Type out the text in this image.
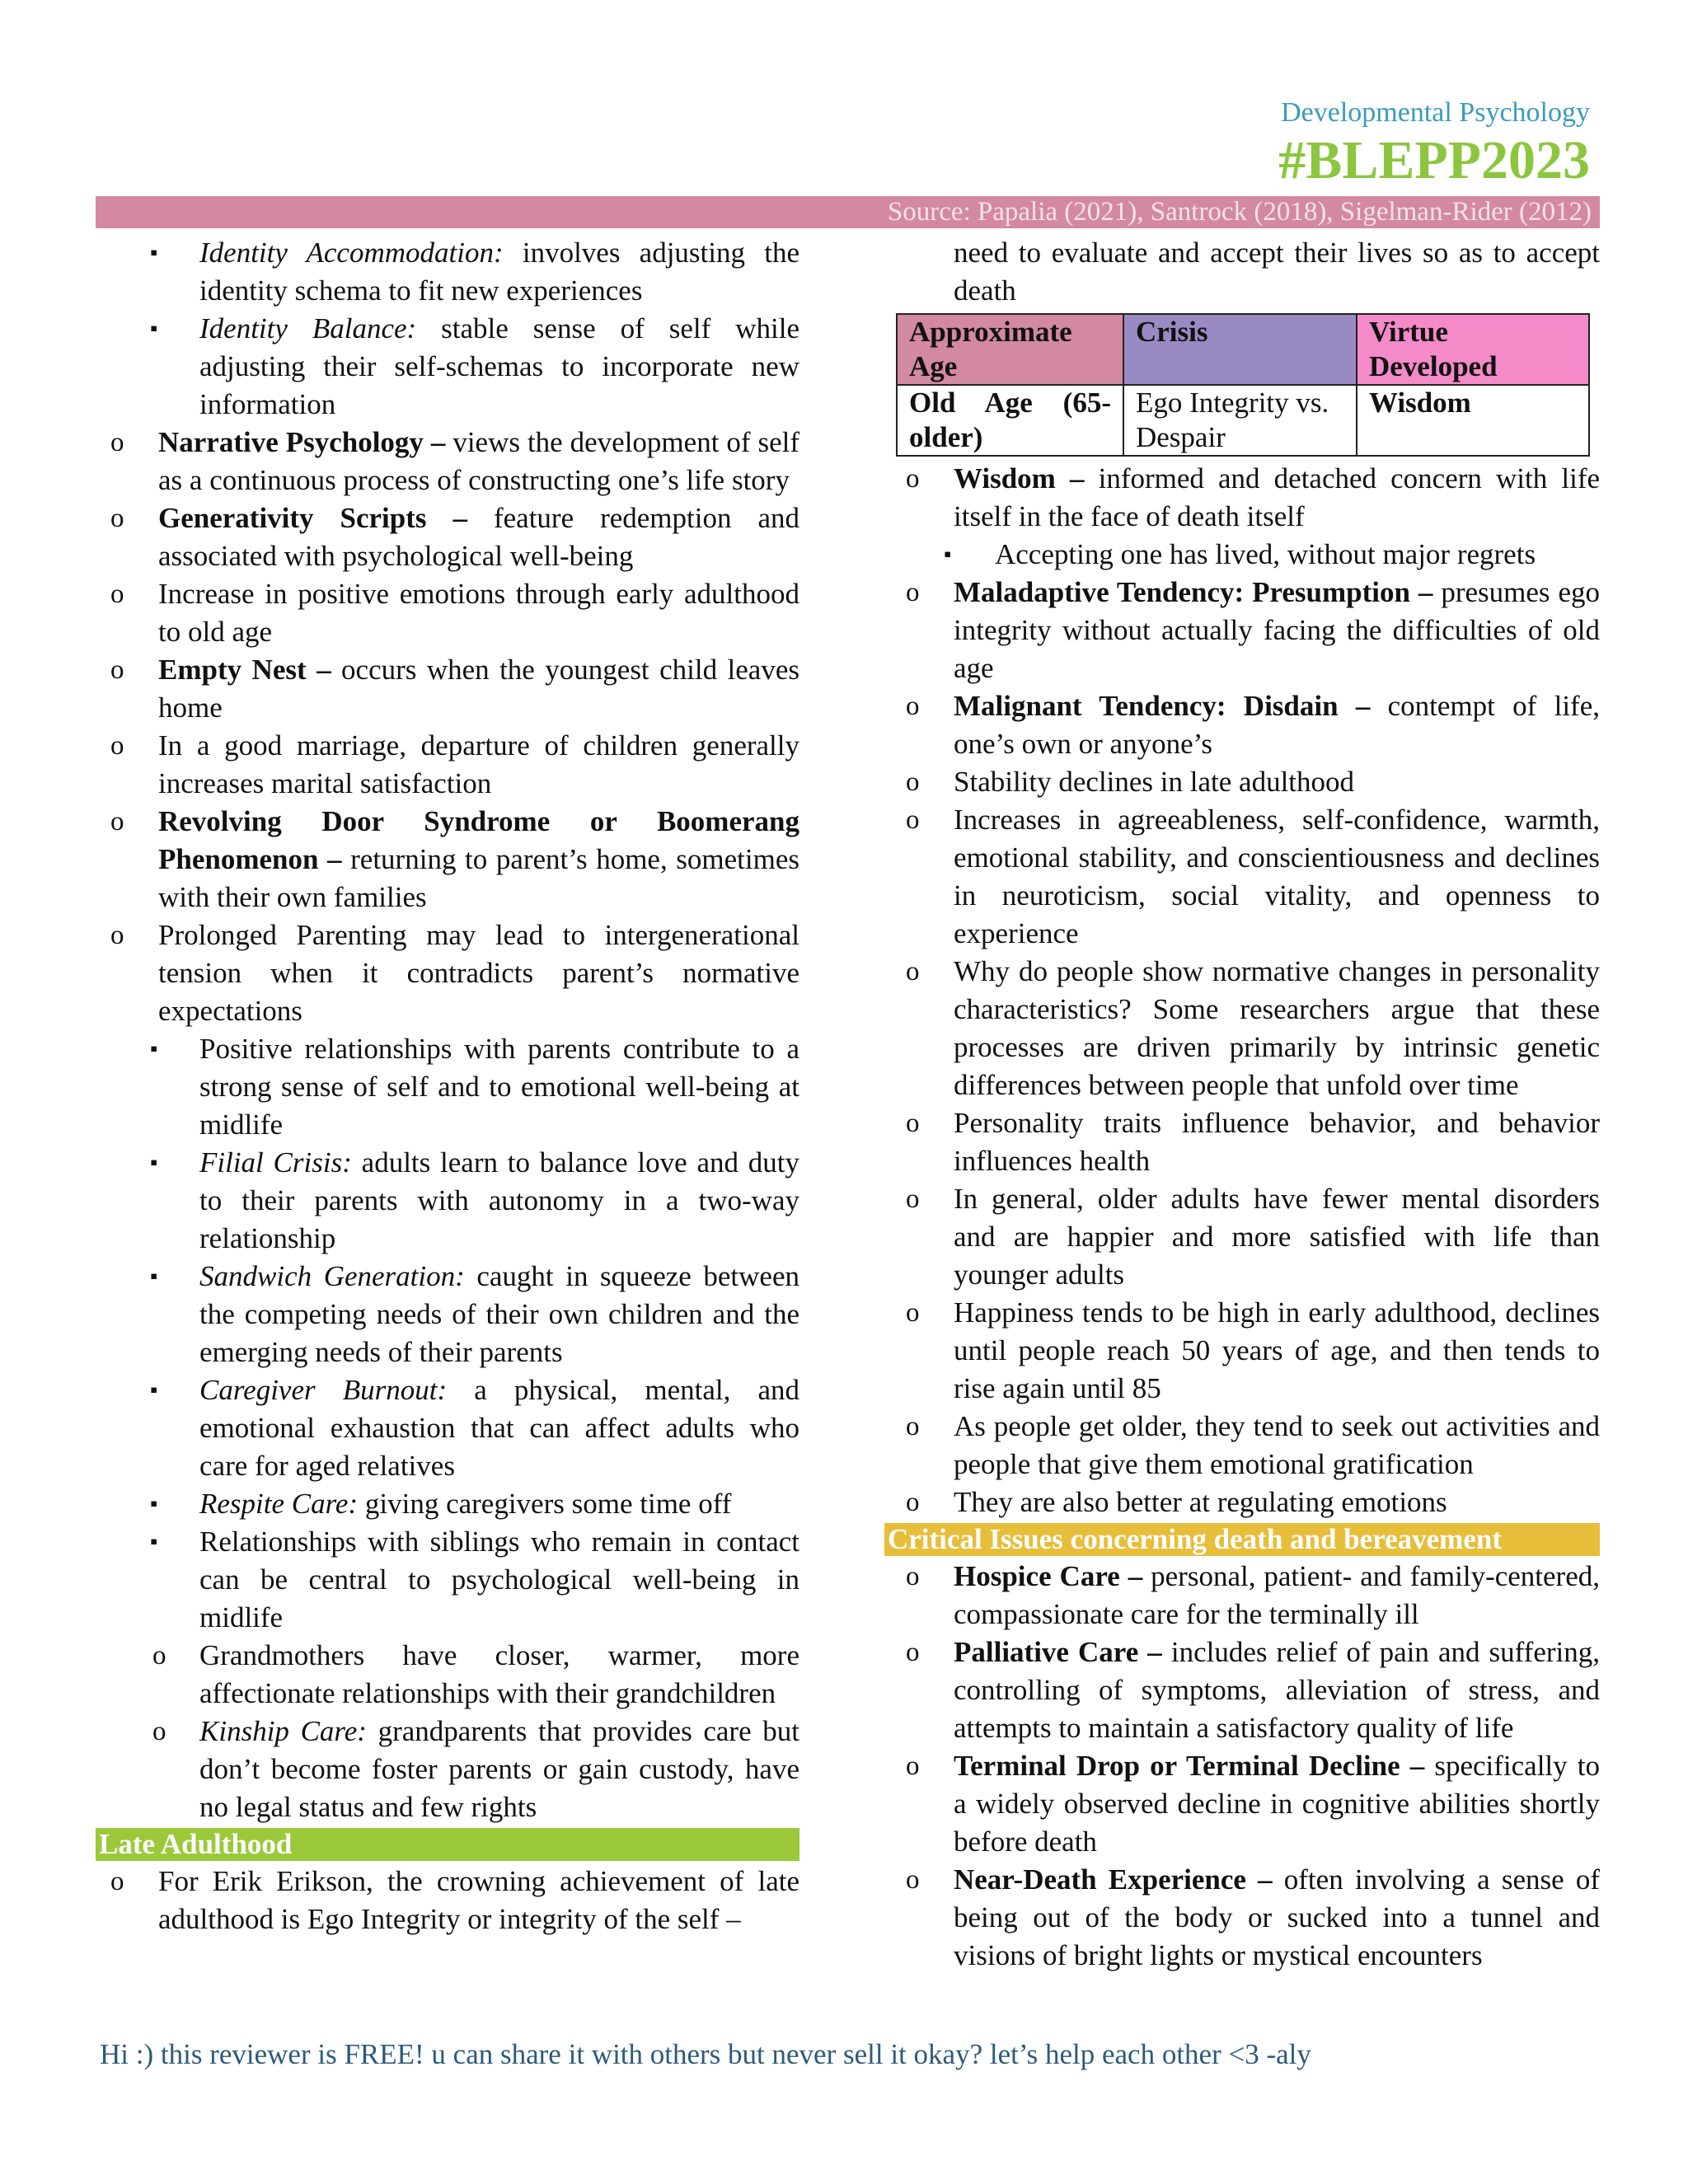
Developmental Psychology
#BLEPP2023
Source: Papalia (2021), Santrock (2018), Sigelman-Rider (2012)
▪ Identity Accommodation: involves adjusting the identity schema to fit new experiences
▪ Identity Balance: stable sense of self while adjusting their self-schemas to incorporate new information
o Narrative Psychology – views the development of self as a continuous process of constructing one’s life story
o Generativity Scripts – feature redemption and associated with psychological well-being
o Increase in positive emotions through early adulthood to old age
o Empty Nest – occurs when the youngest child leaves home
o In a good marriage, departure of children generally increases marital satisfaction
o Revolving Door Syndrome or Boomerang Phenomenon – returning to parent’s home, sometimes with their own families
o Prolonged Parenting may lead to intergenerational tension when it contradicts parent’s normative expectations
▪ Positive relationships with parents contribute to a strong sense of self and to emotional well-being at midlife
▪ Filial Crisis: adults learn to balance love and duty to their parents with autonomy in a two-way relationship
▪ Sandwich Generation: caught in squeeze between the competing needs of their own children and the emerging needs of their parents
▪ Caregiver Burnout: a physical, mental, and emotional exhaustion that can affect adults who care for aged relatives
▪ Respite Care: giving caregivers some time off
▪ Relationships with siblings who remain in contact can be central to psychological well-being in midlife
o Grandmothers have closer, warmer, more affectionate relationships with their grandchildren
o Kinship Care: grandparents that provides care but don’t become foster parents or gain custody, have no legal status and few rights
Late Adulthood
o For Erik Erikson, the crowning achievement of late adulthood is Ego Integrity or integrity of the self –
need to evaluate and accept their lives so as to accept death
Approximate Age	Crisis	Virtue Developed
Old Age (65-older)	Ego Integrity vs. Despair	Wisdom
o Wisdom – informed and detached concern with life itself in the face of death itself
▪ Accepting one has lived, without major regrets
o Maladaptive Tendency: Presumption – presumes ego integrity without actually facing the difficulties of old age
o Malignant Tendency: Disdain – contempt of life, one’s own or anyone’s
o Stability declines in late adulthood
o Increases in agreeableness, self-confidence, warmth, emotional stability, and conscientiousness and declines in neuroticism, social vitality, and openness to experience
o Why do people show normative changes in personality characteristics? Some researchers argue that these processes are driven primarily by intrinsic genetic differences between people that unfold over time
o Personality traits influence behavior, and behavior influences health
o In general, older adults have fewer mental disorders and are happier and more satisfied with life than younger adults
o Happiness tends to be high in early adulthood, declines until people reach 50 years of age, and then tends to rise again until 85
o As people get older, they tend to seek out activities and people that give them emotional gratification
o They are also better at regulating emotions
Critical Issues concerning death and bereavement
o Hospice Care – personal, patient- and family-centered, compassionate care for the terminally ill
o Palliative Care – includes relief of pain and suffering, controlling of symptoms, alleviation of stress, and attempts to maintain a satisfactory quality of life
o Terminal Drop or Terminal Decline – specifically to a widely observed decline in cognitive abilities shortly before death
o Near-Death Experience – often involving a sense of being out of the body or sucked into a tunnel and visions of bright lights or mystical encounters
Hi :) this reviewer is FREE! u can share it with others but never sell it okay? let’s help each other <3 -aly
